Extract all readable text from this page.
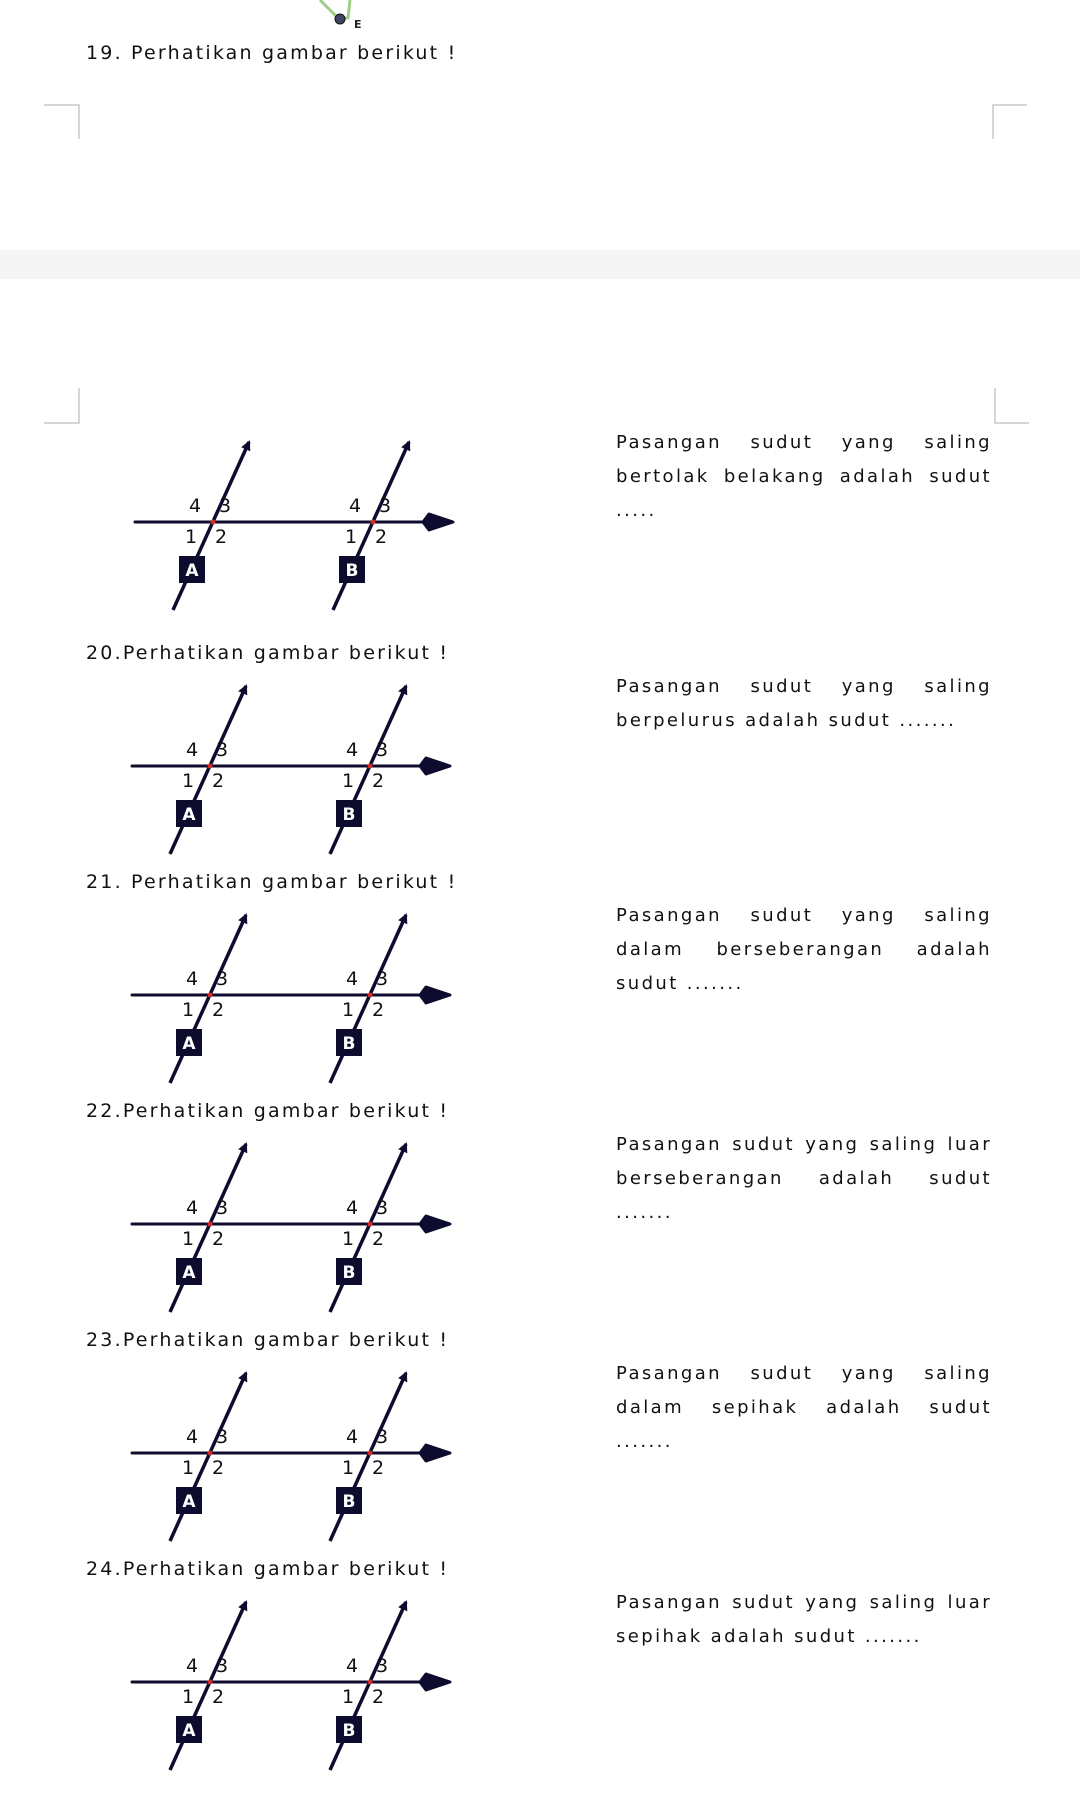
E
19. Perhatikan gambar berikut !

Pasangan sudut yang saling bertolak belakang adalah sudut .....

4 3
1 2
A
4 3
1 2
B
20.Perhatikan gambar berikut !

Pasangan sudut yang saling berpelurus adalah sudut .......

4 3
1 2
A
4 3
1 2
B
21. Perhatikan gambar berikut !

Pasangan sudut yang saling dalam berseberangan adalah sudut .......

4 3
1 2
A
4 3
1 2
B
22.Perhatikan gambar berikut !

Pasangan sudut yang saling luar berseberangan adalah sudut .......

4 3
1 2
A
4 3
1 2
B
23.Perhatikan gambar berikut !

Pasangan sudut yang saling dalam sepihak adalah sudut .......

4 3
1 2
A
4 3
1 2
B
24.Perhatikan gambar berikut !

Pasangan sudut yang saling luar sepihak adalah sudut .......

4 3
1 2
A
4 3
1 2
B
